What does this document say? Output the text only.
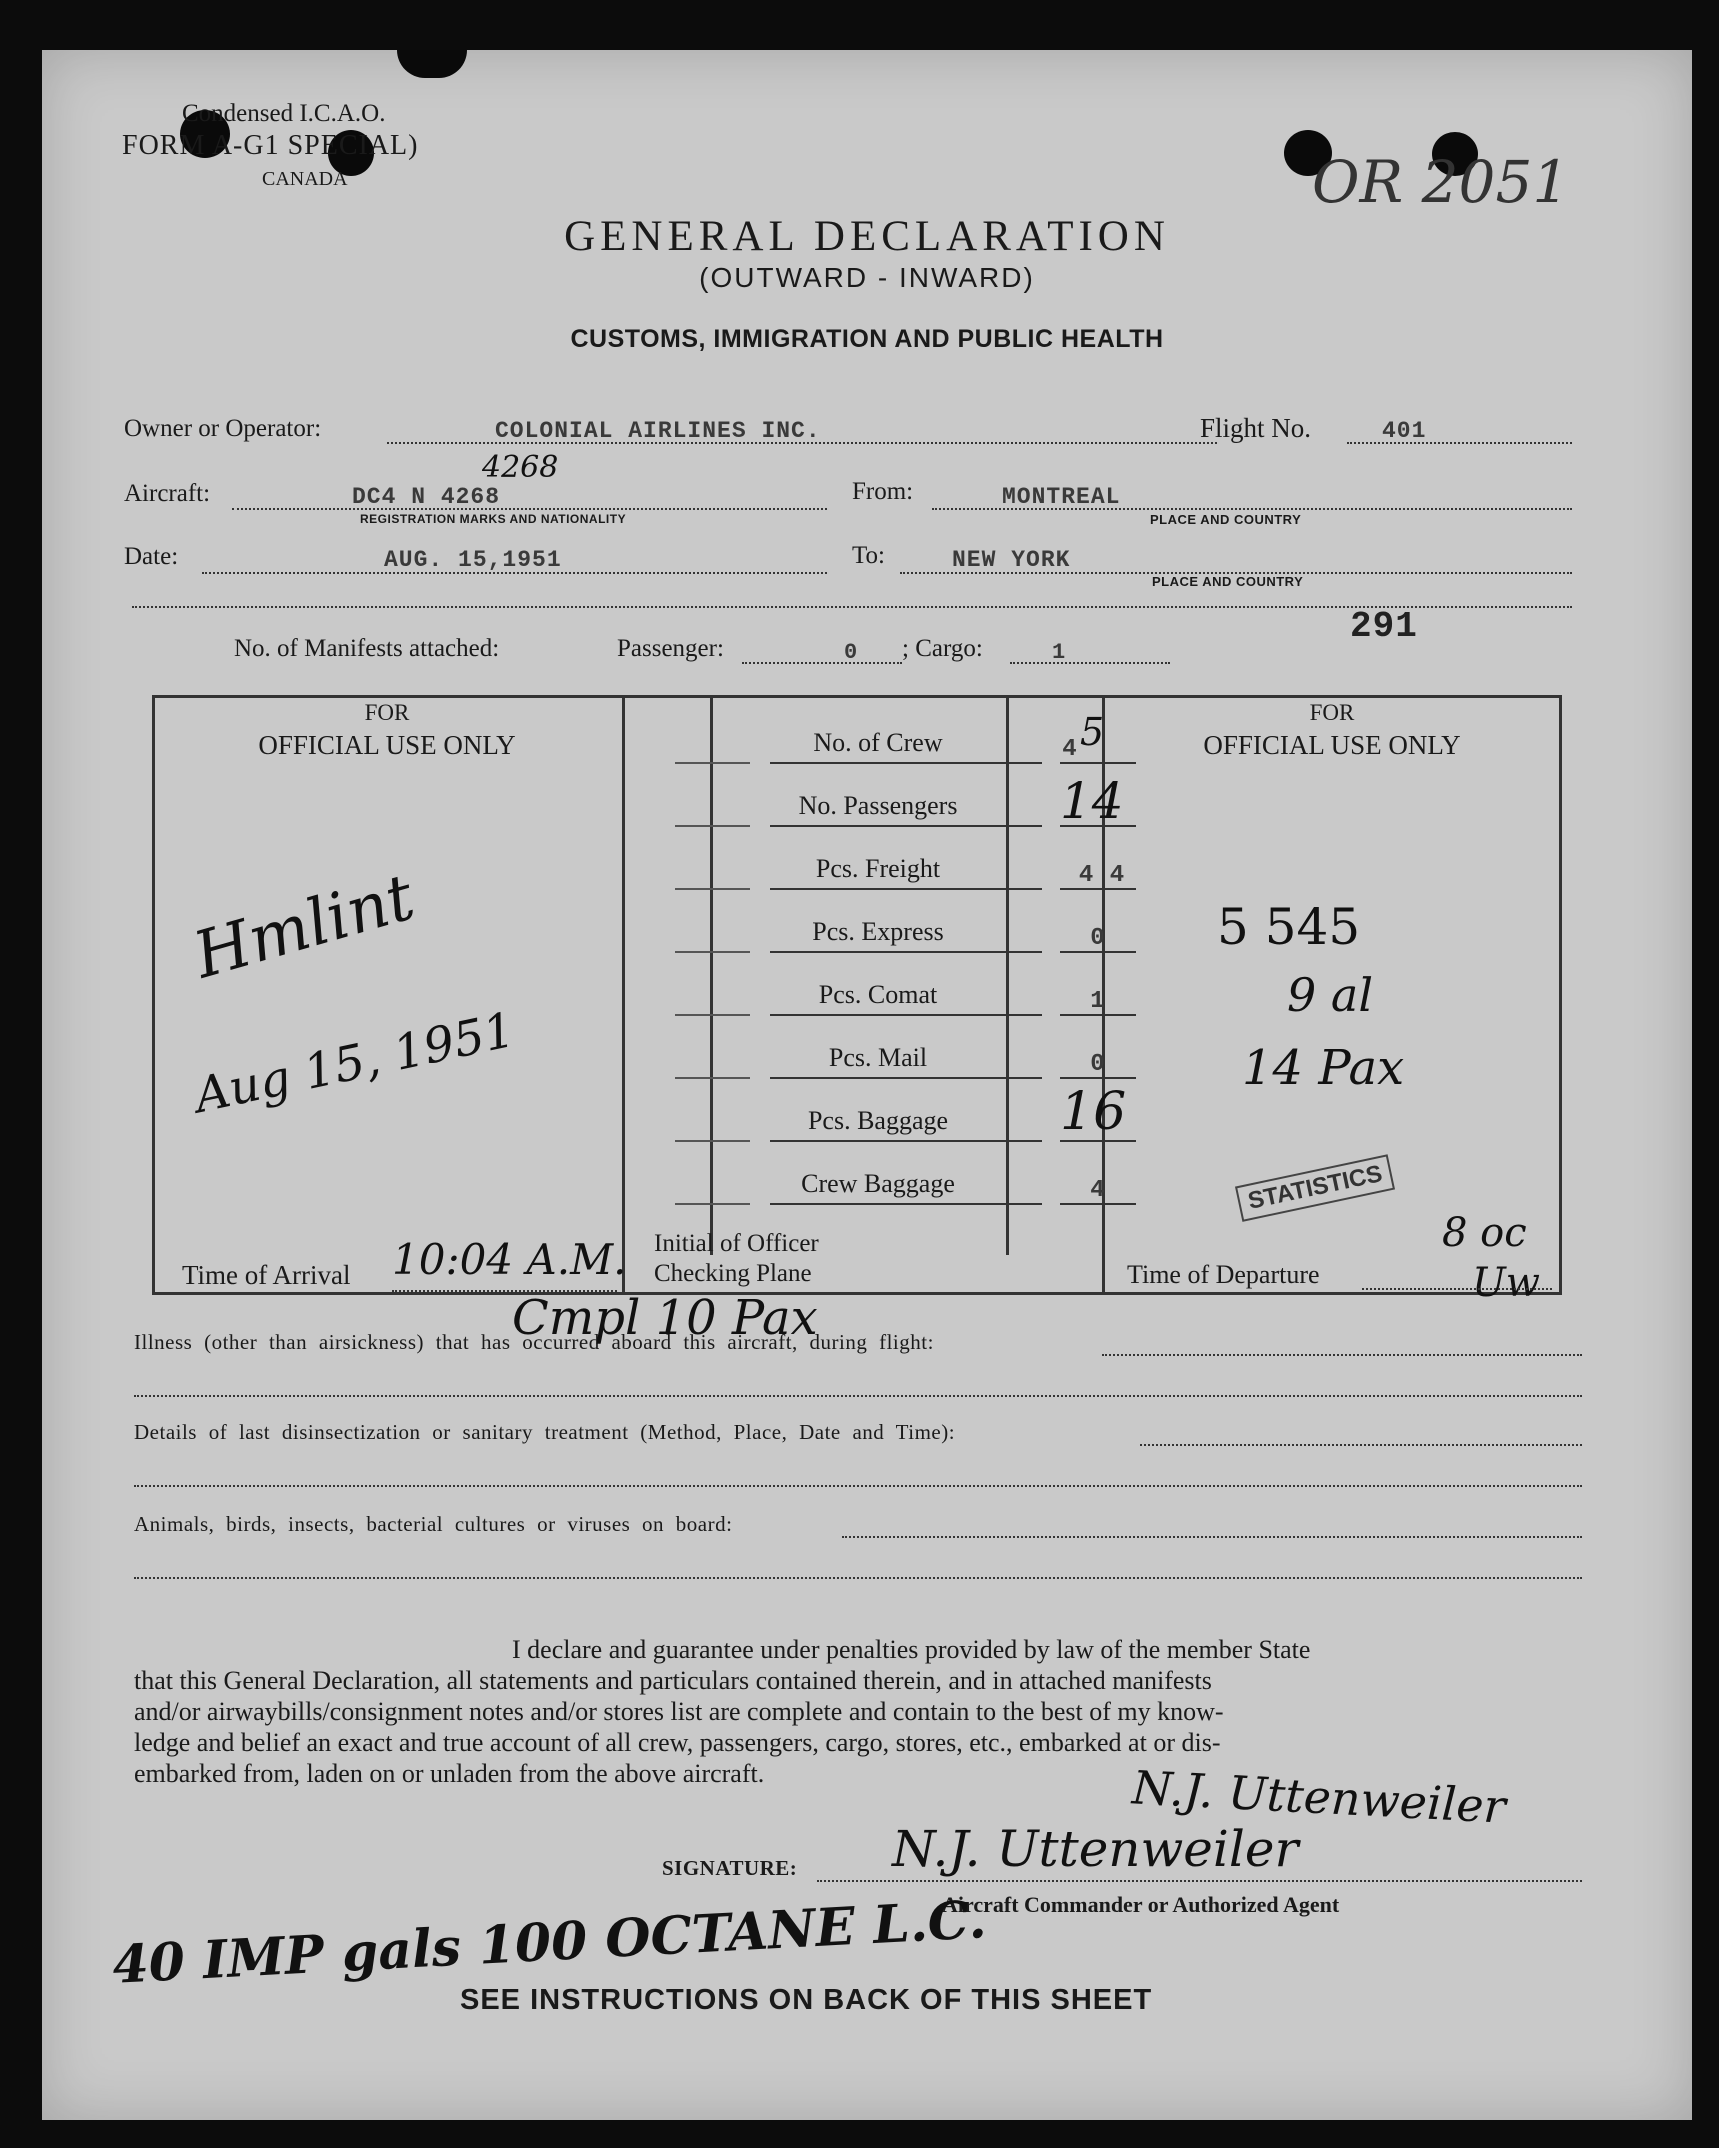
Condensed I.C.A.O.
FORM A-G1 SPECIAL)
CANADA	OR 2051
GENERAL DECLARATION
(OUTWARD - INWARD)
CUSTOMS, IMMIGRATION AND PUBLIC HEALTH
Owner or Operator:	COLONIAL AIRLINES INC.	Flight No.	401
Aircraft:	DC4 N 4268
4268
REGISTRATION MARKS AND NATIONALITY
From:	MONTREAL
PLACE AND COUNTRY
Date:	AUG. 15,1951	To:	NEW YORK
PLACE AND COUNTRY
291
No. of Manifests attached:	Passenger:	0 ; Cargo:	1
FOR
OFFICIAL USE ONLY
FOR
OFFICIAL USE ONLY
No. of Crew	4 5
No. Passengers	14
Pcs. Freight	4 4
Pcs. Express	0
Pcs. Comat	1
Pcs. Mail	0
Pcs. Baggage	16
Crew Baggage	4
Hmlint
Aug 15, 1951
5 545
9 al
14 Pax
STATISTICS
8 oc
Uw
Time of Arrival 10:04 A.M. Initial of Officer
Checking Plane	Time of Departure
Illness (other than airsickness) that has occurred aboard this aircraft, during flight:
Cmpl 10 Pax
Details of last disinsectization or sanitary treatment (Method, Place, Date and Time):
Animals, birds, insects, bacterial cultures or viruses on board:
I declare and guarantee under penalties provided by law of the member State
that this General Declaration, all statements and particulars contained therein, and in attached manifests
and/or airwaybills/consignment notes and/or stores list are complete and contain to the best of my know-
ledge and belief an exact and true account of all crew, passengers, cargo, stores, etc., embarked at or dis-
embarked from, laden on or unladen from the above aircraft.	N.J. Uttenweiler
SIGNATURE: N.J. Uttenweiler
Aircraft Commander or Authorized Agent
40 IMP gals 100 OCTANE L.C.
SEE INSTRUCTIONS ON BACK OF THIS SHEET
